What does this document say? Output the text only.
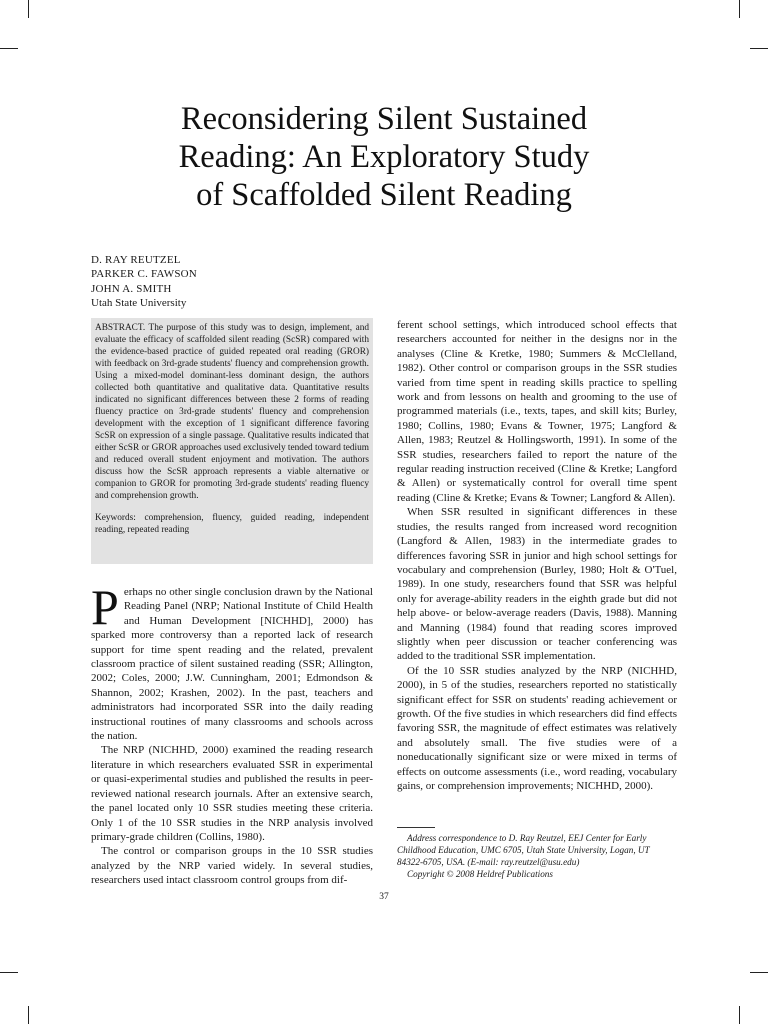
Reconsidering Silent Sustained
Reading: An Exploratory Study
of Scaffolded Silent Reading
D. RAY REUTZEL
PARKER C. FAWSON
JOHN A. SMITH
Utah State University

ABSTRACT. The purpose of this study was to design, implement, and evaluate the efficacy of scaffolded silent reading (ScSR) compared with the evidence-based practice of guided repeated oral reading (GROR) with feedback on 3rd-grade students' fluency and comprehension growth. Using a mixed-model dominant-less dominant design, the authors collected both quantitative and qualitative data. Quantitative results indicated no significant differences between these 2 forms of reading fluency practice on 3rd-grade students' fluency and comprehension development with the exception of 1 significant difference favoring ScSR on expression of a single passage. Qualitative results indicated that either ScSR or GROR approaches used exclusively tended toward tedium and reduced overall student enjoyment and motivation. The authors discuss how the ScSR approach represents a viable alternative or companion to GROR for promoting 3rd-grade students' reading fluency and comprehension growth.

Keywords: comprehension, fluency, guided reading, independent reading, repeated reading

Perhaps no other single conclusion drawn by the National Reading Panel (NRP; National Institute of Child Health and Human Development [NICHHD], 2000) has sparked more controversy than a reported lack of research support for time spent reading and the related, prevalent classroom practice of silent sustained reading (SSR; Allington, 2002; Coles, 2000; J.W. Cunningham, 2001; Edmondson & Shannon, 2002; Krashen, 2002). In the past, teachers and administrators had incorporated SSR into the daily reading instructional routines of many classrooms and schools across the nation.

The NRP (NICHHD, 2000) examined the reading research literature in which researchers evaluated SSR in experimental or quasi-experimental studies and published the results in peer-reviewed national research journals. After an extensive search, the panel located only 10 SSR studies meeting these criteria. Only 1 of the 10 SSR studies in the NRP analysis involved primary-grade children (Collins, 1980).

The control or comparison groups in the 10 SSR studies analyzed by the NRP varied widely. In several studies, researchers used intact classroom control groups from dif-

ferent school settings, which introduced school effects that researchers accounted for neither in the designs nor in the analyses (Cline & Kretke, 1980; Summers & McClelland, 1982). Other control or comparison groups in the SSR studies varied from time spent in reading skills practice to spelling work and from lessons on health and grooming to the use of programmed materials (i.e., texts, tapes, and skill kits; Burley, 1980; Collins, 1980; Evans & Towner, 1975; Langford & Allen, 1983; Reutzel & Hollingsworth, 1991). In some of the SSR studies, researchers failed to report the nature of the regular reading instruction received (Cline & Kretke; Langford & Allen) or systematically control for overall time spent reading (Cline & Kretke; Evans & Towner; Langford & Allen).

When SSR resulted in significant differences in these studies, the results ranged from increased word recognition (Langford & Allen, 1983) in the intermediate grades to differences favoring SSR in junior and high school settings for vocabulary and comprehension (Burley, 1980; Holt & O'Tuel, 1989). In one study, researchers found that SSR was helpful only for average-ability readers in the eighth grade but did not help above- or below-average readers (Davis, 1988). Manning and Manning (1984) found that reading scores improved slightly when peer discussion or teacher conferencing was added to the traditional SSR implementation.

Of the 10 SSR studies analyzed by the NRP (NICHHD, 2000), in 5 of the studies, researchers reported no statistically significant effect for SSR on students' reading achievement or growth. Of the five studies in which researchers did find effects favoring SSR, the magnitude of effect estimates was relatively and absolutely small. The five studies were of a noneducationally significant size or were mixed in terms of effects on outcome assessments (i.e., word reading, vocabulary gains, or comprehension improvements; NICHHD, 2000).

Address correspondence to D. Ray Reutzel, EEJ Center for Early Childhood Education, UMC 6705, Utah State University, Logan, UT 84322-6705, USA. (E-mail: ray.reutzel@usu.edu)

Copyright © 2008 Heldref Publications

37
